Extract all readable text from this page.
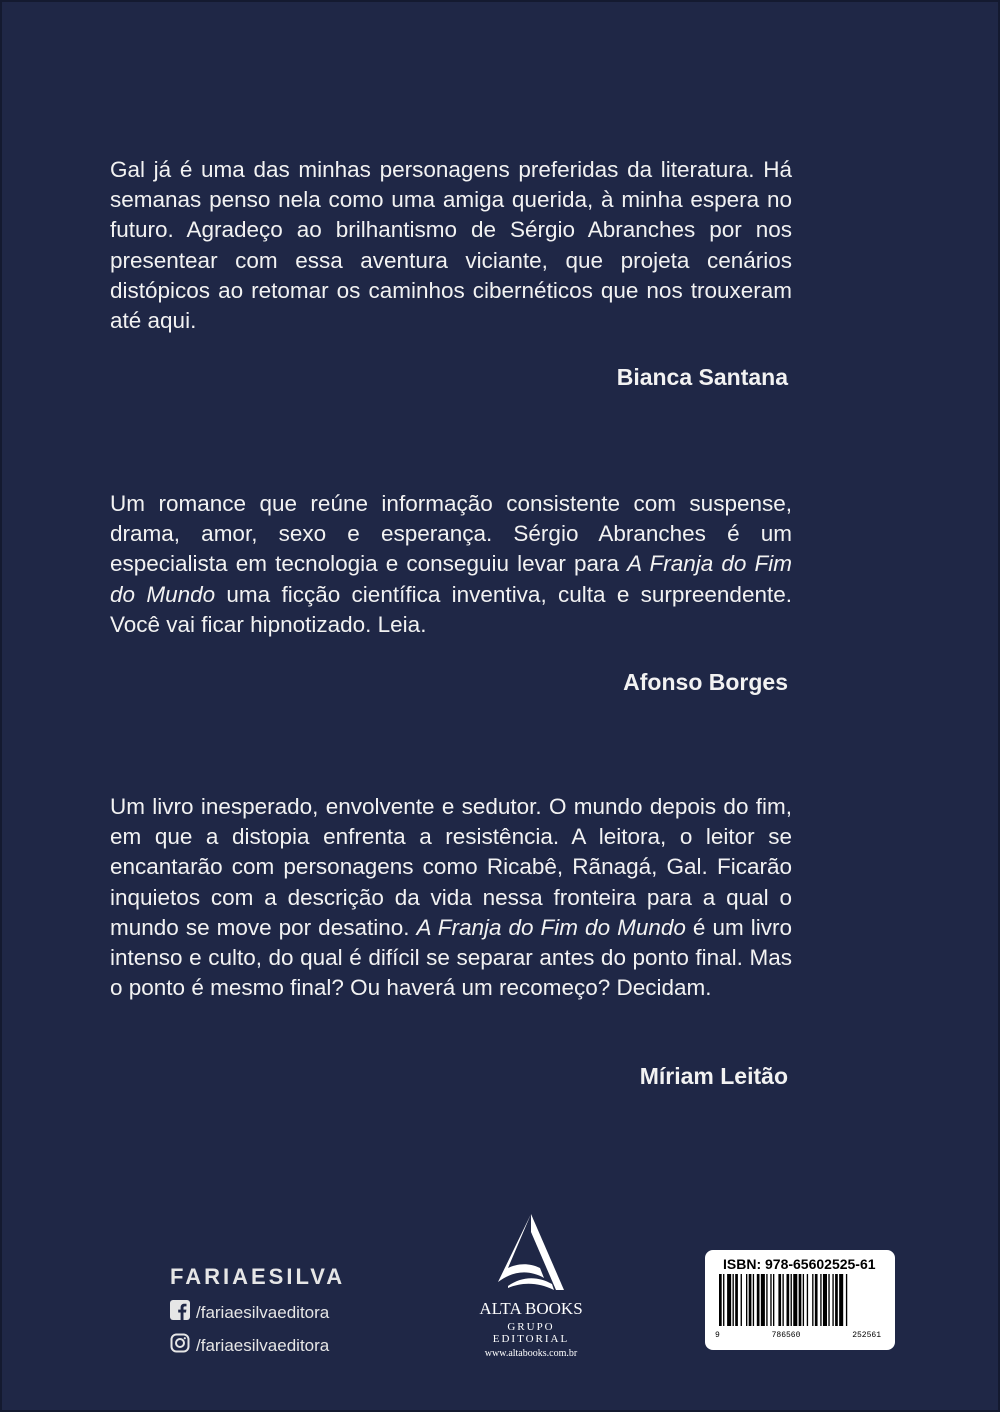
Gal já é uma das minhas personagens preferidas da literatura. Há semanas penso nela como uma amiga querida, à minha espera no futuro. Agradeço ao brilhantismo de Sérgio Abranches por nos presentear com essa aventura viciante, que projeta cenários distópicos ao retomar os caminhos cibernéticos que nos trouxeram até aqui.

Bianca Santana

Um romance que reúne informação consistente com suspense, drama, amor, sexo e esperança. Sérgio Abranches é um especialista em tecnologia e conseguiu levar para A Franja do Fim do Mundo uma ficção científica inventiva, culta e surpreendente. Você vai ficar hipnotizado. Leia.

Afonso Borges

Um livro inesperado, envolvente e sedutor. O mundo depois do fim, em que a distopia enfrenta a resistência. A leitora, o leitor se encantarão com personagens como Ricabê, Rãnagá, Gal. Ficarão inquietos com a descrição da vida nessa fronteira para a qual o mundo se move por desatino. A Franja do Fim do Mundo é um livro intenso e culto, do qual é difícil se separar antes do ponto final. Mas o ponto é mesmo final? Ou haverá um recomeço? Decidam.

Míriam Leitão

FARIAESILVA
/fariaesilvaeditora
/fariaesilvaeditora
ALTA BOOKS
GRUPO EDITORIAL
www.altabooks.com.br
ISBN: 978-65602525-61
9	786560	252561
